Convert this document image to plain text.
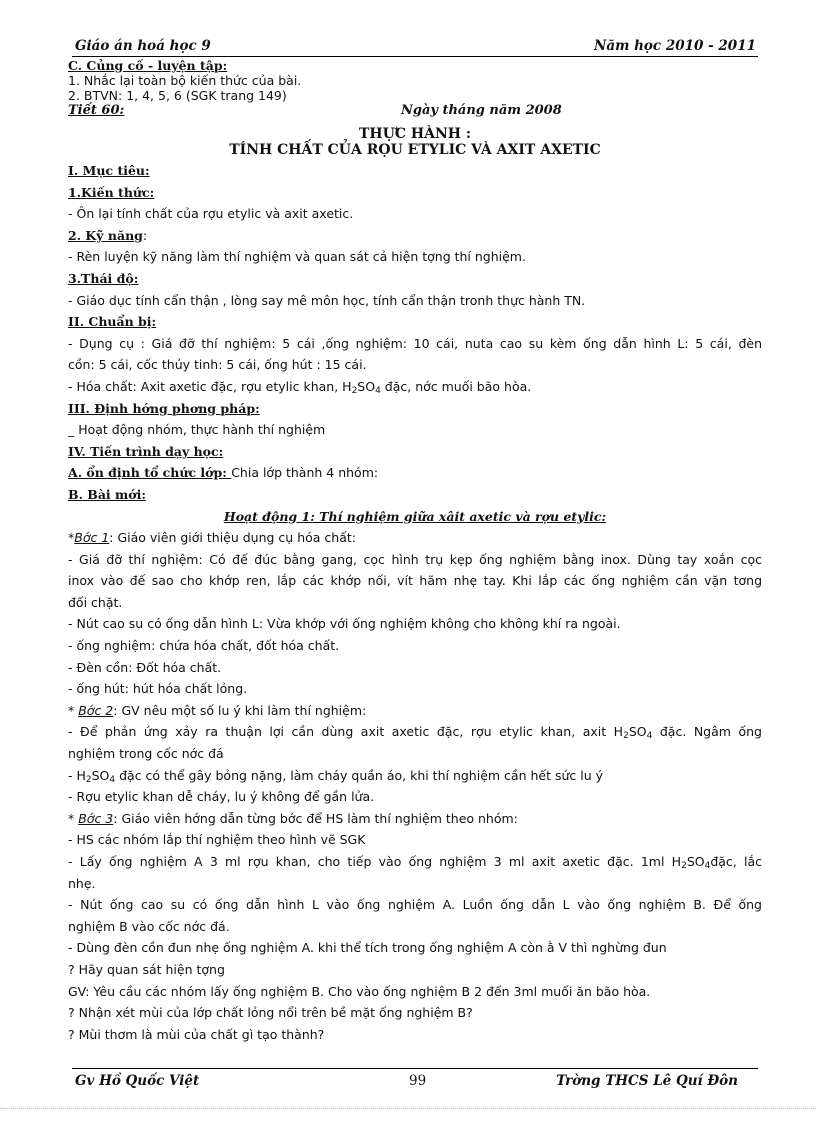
Giáo án hoá học 9	Năm học 2010 - 2011
C. Củng cố - luyện tập:
1. Nhắc lại toàn bộ kiến thức của bài.
2. BTVN: 1, 4, 5, 6 (SGK trang 149)
Tiết 60:	Ngày tháng năm 2008
THỰC HÀNH :
TÍNH CHẤT CỦA RỌU ETYLIC VÀ AXIT AXETIC
I. Mục tiêu:
1.Kiến thức:
- Ôn lại tính chất của rợu etylic và axit axetic.
2. Kỹ năng:
- Rèn luyện kỹ năng làm thí nghiệm và quan sát cả hiện tợng thí nghiệm.
3.Thái độ:
- Giáo dục tính cẩn thận , lòng say mê môn học, tính cẩn thận tronh thực hành TN.
II. Chuẩn bị:
- Dụng cụ : Giá đỡ thí nghiệm: 5 cái ,ống nghiệm: 10 cái, nuta cao su kèm ống dẫn hình L: 5 cái, đèn
cồn: 5 cái, cốc thủy tinh: 5 cái, ống hút : 15 cái.
- Hóa chất: Axit axetic đặc, rợu etylic khan, $H_2SO_4$ đặc, nớc muối bão hòa.
III. Định hớng phơng pháp:
_ Hoạt động nhóm, thực hành thí nghiệm
IV. Tiến trình dạy học:
A. ổn định tổ chức lớp: Chia lớp thành 4 nhóm:
B. Bài mới:
Hoạt động 1: Thí nghiệm giữa xâit axetic và rợu etylic:
*Bớc 1: Giáo viên giới thiệu dụng cụ hóa chất:
- Giá đỡ thí nghiệm: Có đế đúc bằng gang, cọc hình trụ kẹp ống nghiệm bằng inox. Dùng tay xoắn cọc
inox vào đế sao cho khớp ren, lắp các khớp nối, vít hãm nhẹ tay. Khi lắp các ống nghiệm cần vặn tơng
đối chặt.
- Nút cao su có ống dẫn hình L: Vừa khớp với ống nghiệm không cho không khí ra ngoài.
- ống nghiệm: chứa hóa chất, đốt hóa chất.
- Đèn cồn: Đốt hóa chất.
- ống hút: hút hóa chất lỏng.
* Bớc 2: GV nêu một số lu ý khi làm thí nghiệm:
- Để phản ứng xảy ra thuận lợi cần dùng axit axetic đặc, rợu etylic khan, axit $H_2SO_4$ đặc. Ngâm ống
nghiệm trong cốc nớc đá
- $H_2SO_4$ đặc có thể gây bỏng nặng, làm cháy quần áo, khi thí nghiệm cần hết sức lu ý
- Rợu etylic khan dễ cháy, lu ý không để gần lửa.
* Bớc 3: Giáo viên hớng dẫn từng bớc để HS làm thí nghiệm theo nhóm:
- HS các nhóm lắp thí nghiệm theo hình vẽ SGK
- Lấy ống nghiệm A 3 ml rợu khan, cho tiếp vào ống nghiệm 3 ml axit axetic đặc. 1ml $H_2SO_4đặc$, lắc
nhẹ.
- Nút ống cao su có ống dẫn hình L vào ống nghiệm A. Luồn ống dẫn L vào ống nghiệm B. Để ống
nghiệm B vào cốc nớc đá.
- Dùng đèn cồn đun nhẹ ống nghiệm A. khi thể tích trong ống nghiệm A còn ằ V thì nghừng đun
? Hãy quan sát hiện tợng
GV: Yêu cầu các nhóm lấy ống nghiệm B. Cho vào ống nghiệm B 2 đến 3ml muối ăn bão hòa.
? Nhận xét mùi của lớp chất lỏng nổi trên bề mặt ống nghiệm B?
? Mùi thơm là mùi của chất gì tạo thành?
Gv Hồ Quốc Việt	99	Trờng THCS Lê Quí Đôn
